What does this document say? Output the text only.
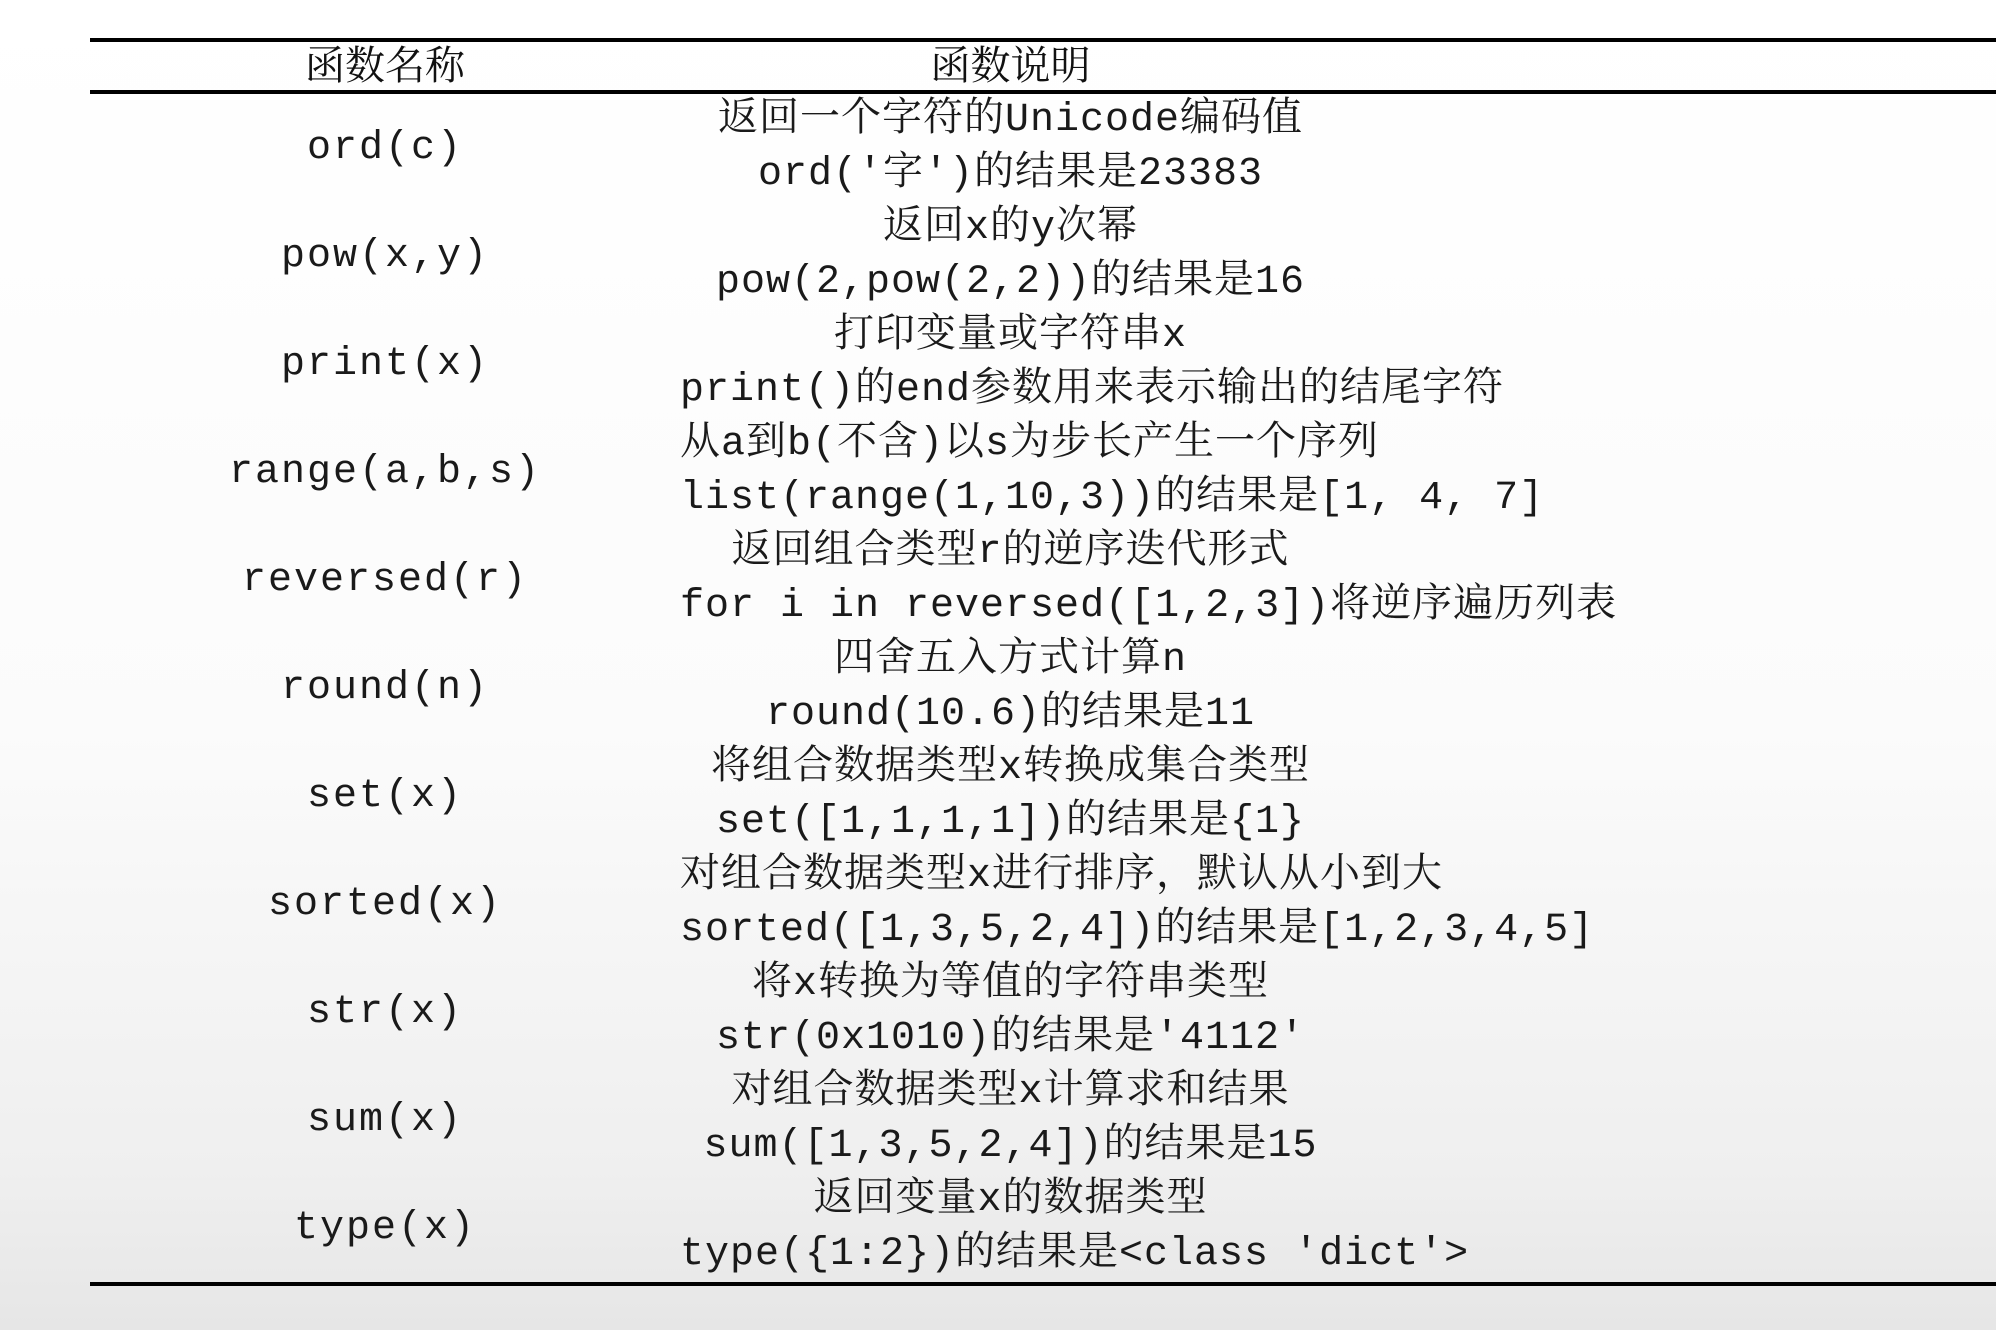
函数名称	函数说明
ord(c)	返回一个字符的Unicode编码值
ord('字')的结果是23383

pow(x,y)	返回x的y次幂
pow(2,pow(2,2))的结果是16

print(x)	打印变量或字符串x
print()的end参数用来表示输出的结尾字符

range(a,b,s)	从a到b(不含)以s为步长产生一个序列
list(range(1,10,3))的结果是[1, 4, 7]

reversed(r)	返回组合类型r的逆序迭代形式
for i in reversed([1,2,3])将逆序遍历列表

round(n)	四舍五入方式计算n
round(10.6)的结果是11

set(x)	将组合数据类型x转换成集合类型
set([1,1,1,1])的结果是{1}

sorted(x)	对组合数据类型x进行排序，默认从小到大
sorted([1,3,5,2,4])的结果是[1,2,3,4,5]

str(x)	将x转换为等值的字符串类型
str(0x1010)的结果是'4112'

sum(x)	对组合数据类型x计算求和结果
sum([1,3,5,2,4])的结果是15

type(x)	返回变量x的数据类型
type({1:2})的结果是<class 'dict'>
